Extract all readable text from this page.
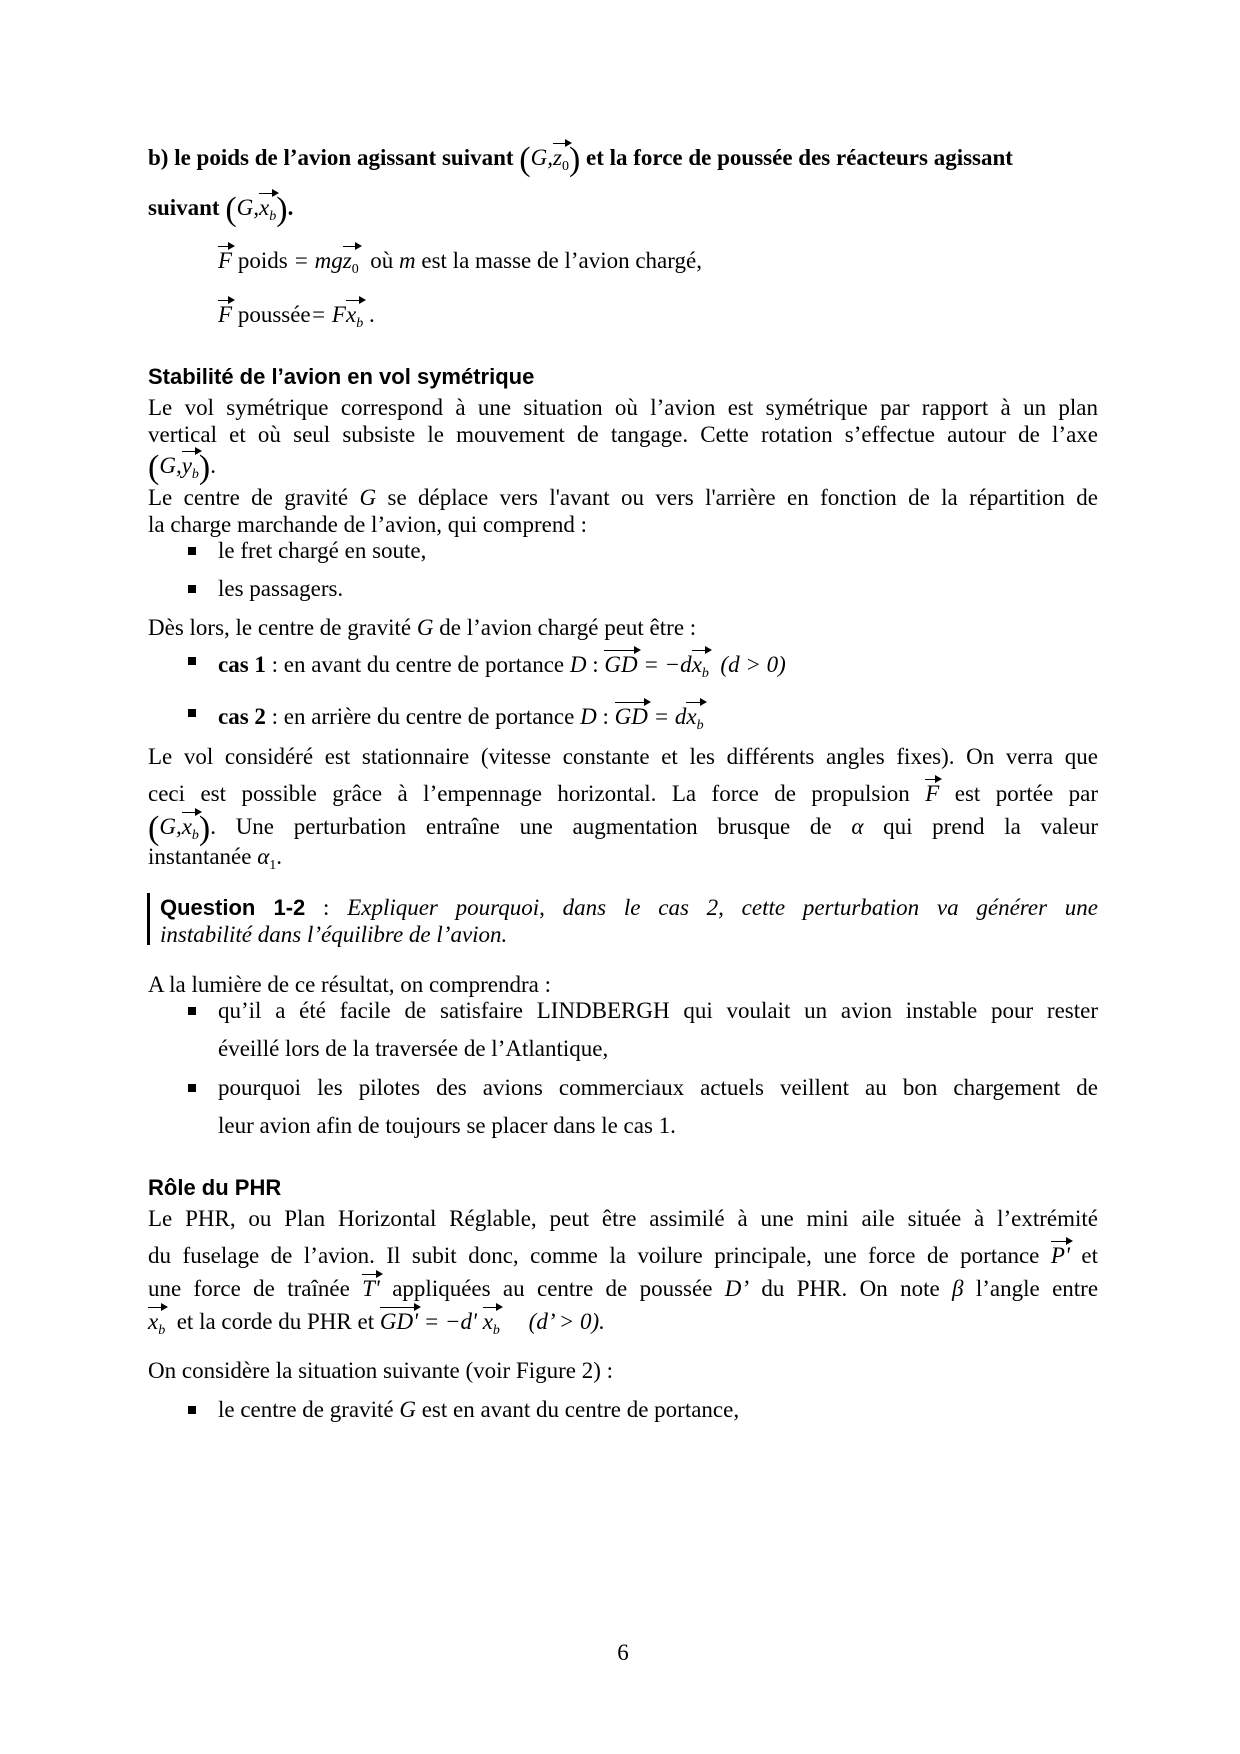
b) le poids de l’avion agissant suivant $(G,z_0)$ et la force de poussée des réacteurs agissant
suivant $(G,x_b)$.
F poids = mgz$_0$ où m est la masse de l’avion chargé,
F poussée= $Fx_b$ .
Stabilité de l’avion en vol symétrique
Le vol symétrique correspond à une situation où l’avion est symétrique par rapport à un plan
vertical et où seul subsiste le mouvement de tangage. Cette rotation s’effectue autour de l’axe
$(G,y_b)$.
Le centre de gravité G se déplace vers l'avant ou vers l'arrière en fonction de la répartition de
la charge marchande de l’avion, qui comprend :
le fret chargé en soute,
les passagers.
Dès lors, le centre de gravité G de l’avion chargé peut être :
cas 1 : en avant du centre de portance D : GD = $-dx_b$ (d > 0)
cas 2 : en arrière du centre de portance D : GD = $dx_b$
Le vol considéré est stationnaire (vitesse constante et les différents angles fixes). On verra que
ceci est possible grâce à l’empennage horizontal. La force de propulsion F est portée par
$(G,x_b)$. Une perturbation entraîne une augmentation brusque de α qui prend la valeur
instantanée $\alpha_1$.
Question 1-2 : Expliquer pourquoi, dans le cas 2, cette perturbation va générer une
instabilité dans l’équilibre de l’avion.
A la lumière de ce résultat, on comprendra :
qu’il a été facile de satisfaire LINDBERGH qui voulait un avion instable pour rester
éveillé lors de la traversée de l’Atlantique,
pourquoi les pilotes des avions commerciaux actuels veillent au bon chargement de
leur avion afin de toujours se placer dans le cas 1.
Rôle du PHR
Le PHR, ou Plan Horizontal Réglable, peut être assimilé à une mini aile située à l’extrémité
du fuselage de l’avion. Il subit donc, comme la voilure principale, une force de portance P' et
une force de traînée T' appliquées au centre de poussée D’ du PHR. On note β l’angle entre
$x_b$ et la corde du PHR et GD' = −d' $x_b$ (d’ > 0).
On considère la situation suivante (voir Figure 2) :
le centre de gravité G est en avant du centre de portance,
6
